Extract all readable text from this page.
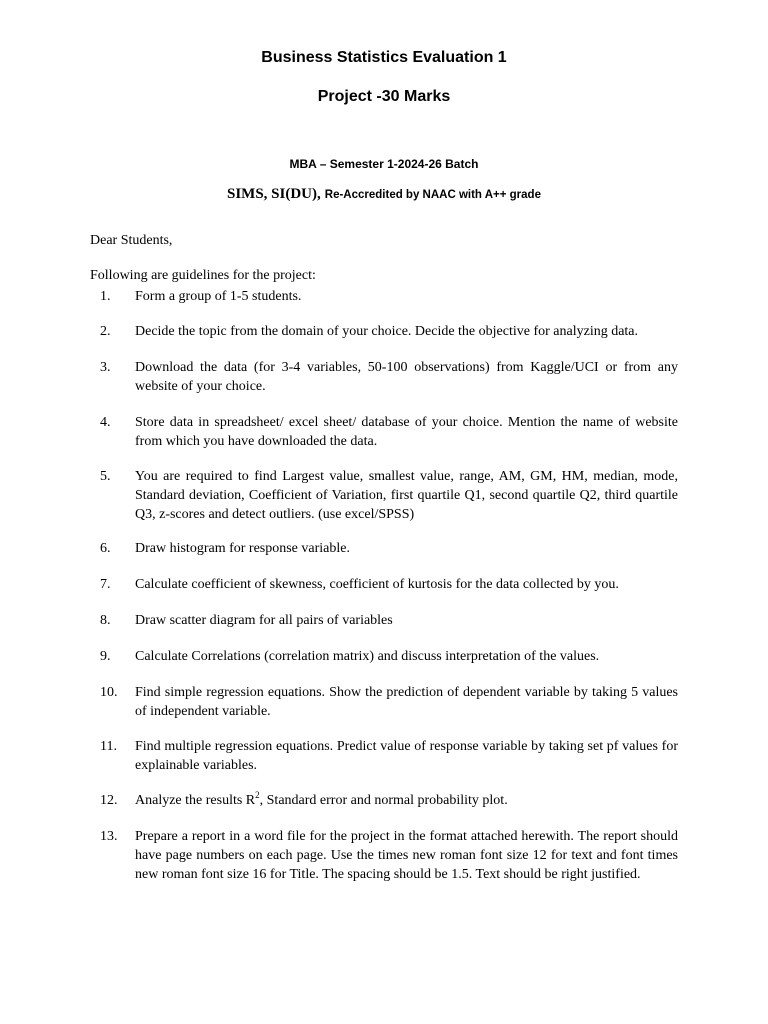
Business Statistics Evaluation 1
Project -30 Marks
MBA – Semester 1-2024-26 Batch
SIMS, SI(DU), Re-Accredited by NAAC with A++ grade
Dear Students,
Following are guidelines for the project:
1.	Form a group of 1-5 students.
2.	Decide the topic from the domain of your choice. Decide the objective for analyzing data.
3.	Download the data (for 3-4 variables, 50-100 observations) from Kaggle/UCI or from any website of your choice.
4.	Store data in spreadsheet/ excel sheet/ database of your choice. Mention the name of website from which you have downloaded the data.
5.	You are required to find Largest value, smallest value, range, AM, GM, HM, median, mode, Standard deviation, Coefficient of Variation, first quartile Q1, second quartile Q2, third quartile Q3, z-scores and detect outliers. (use excel/SPSS)
6.	Draw histogram for response variable.
7.	Calculate coefficient of skewness, coefficient of kurtosis for the data collected by you.
8.	Draw scatter diagram for all pairs of variables
9.	Calculate Correlations (correlation matrix) and discuss interpretation of the values.
10.	Find simple regression equations. Show the prediction of dependent variable by taking 5 values of independent variable.
11.	Find multiple regression equations. Predict value of response variable by taking set pf values for explainable variables.
12.	Analyze the results $R^2$, Standard error and normal probability plot.
13.	Prepare a report in a word file for the project in the format attached herewith. The report should have page numbers on each page. Use the times new roman font size 12 for text and font times new roman font size 16 for Title. The spacing should be 1.5. Text should be right justified.
